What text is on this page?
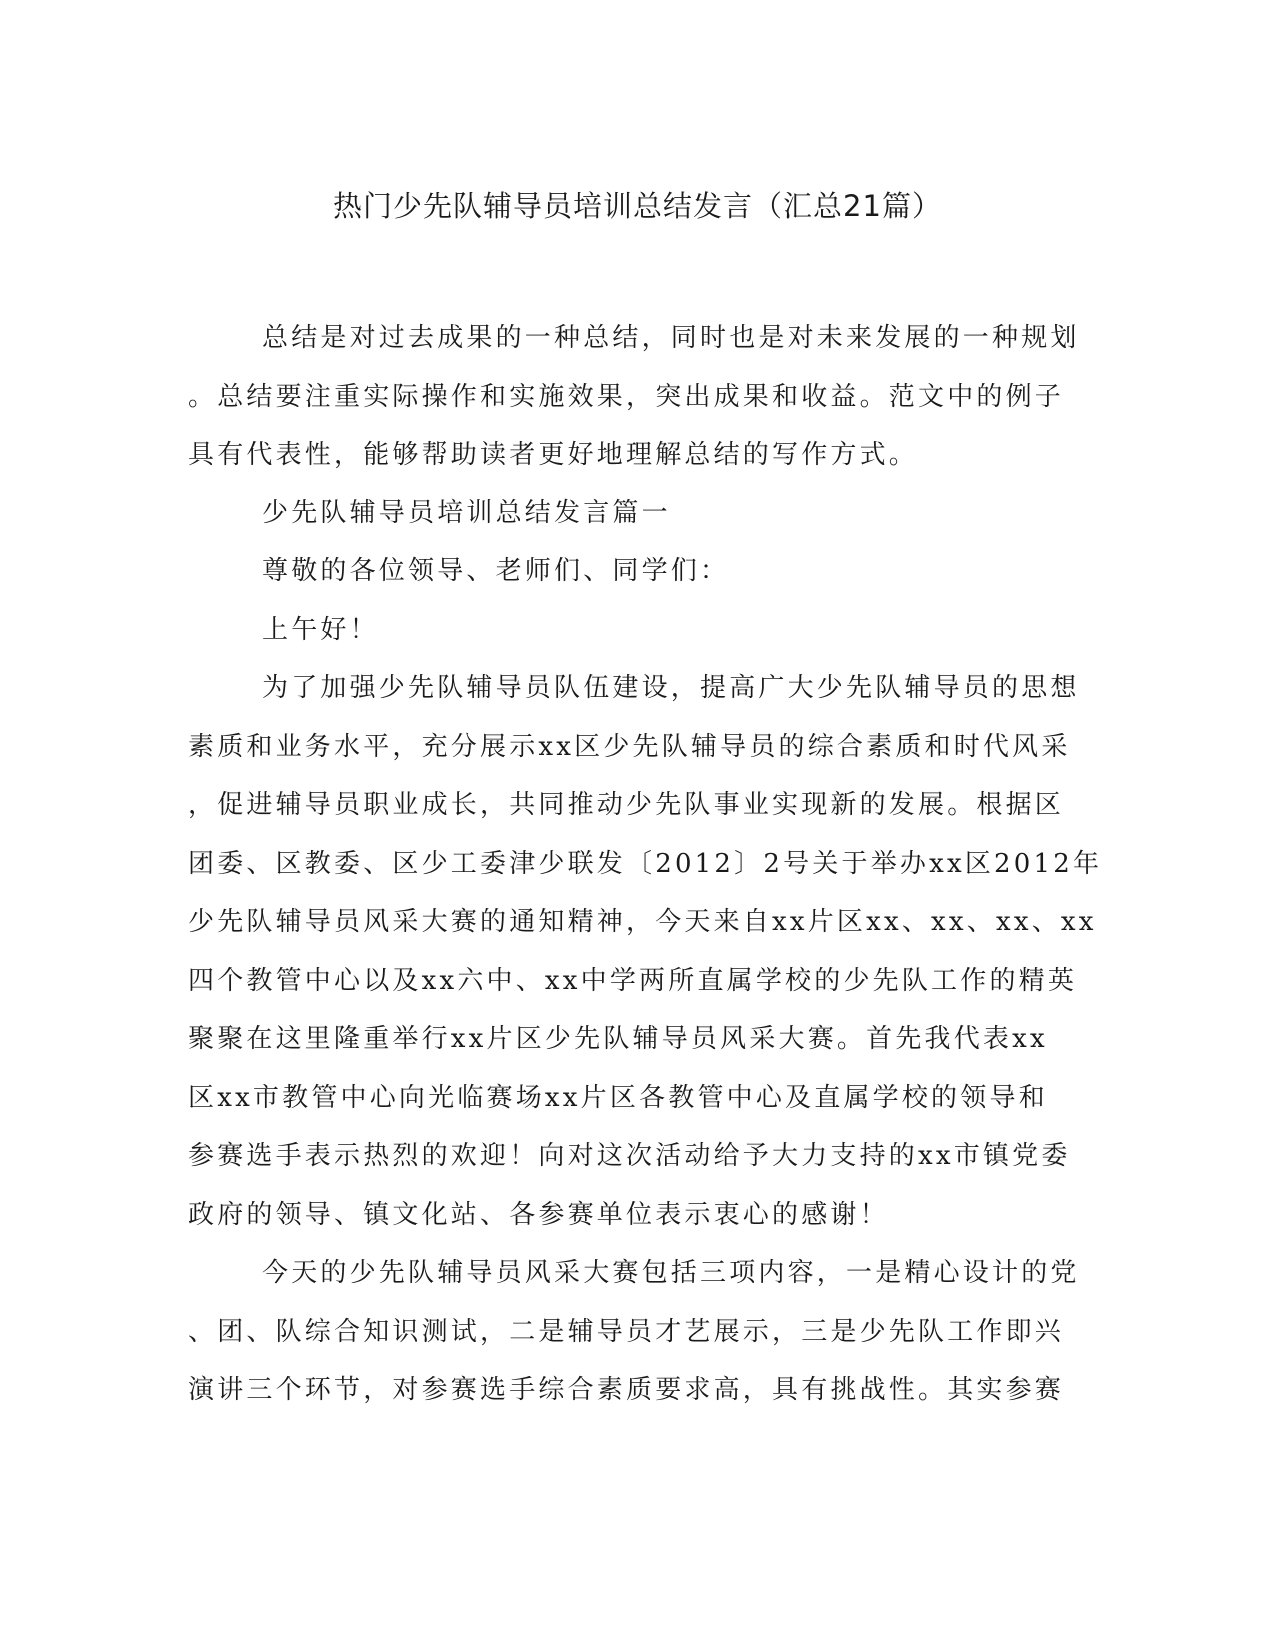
热门少先队辅导员培训总结发言（汇总21篇）
总结是对过去成果的一种总结，同时也是对未来发展的一种规划
。总结要注重实际操作和实施效果，突出成果和收益。范文中的例子
具有代表性，能够帮助读者更好地理解总结的写作方式。
少先队辅导员培训总结发言篇一
尊敬的各位领导、老师们、同学们：
上午好！
为了加强少先队辅导员队伍建设，提高广大少先队辅导员的思想
素质和业务水平，充分展示xx区少先队辅导员的综合素质和时代风采
，促进辅导员职业成长，共同推动少先队事业实现新的发展。根据区
团委、区教委、区少工委津少联发〔2012〕2号关于举办xx区2012年
少先队辅导员风采大赛的通知精神，今天来自xx片区xx、xx、xx、xx
四个教管中心以及xx六中、xx中学两所直属学校的少先队工作的精英
聚聚在这里隆重举行xx片区少先队辅导员风采大赛。首先我代表xx
区xx市教管中心向光临赛场xx片区各教管中心及直属学校的领导和
参赛选手表示热烈的欢迎！向对这次活动给予大力支持的xx市镇党委
政府的领导、镇文化站、各参赛单位表示衷心的感谢！
今天的少先队辅导员风采大赛包括三项内容，一是精心设计的党
、团、队综合知识测试，二是辅导员才艺展示，三是少先队工作即兴
演讲三个环节，对参赛选手综合素质要求高，具有挑战性。其实参赛
